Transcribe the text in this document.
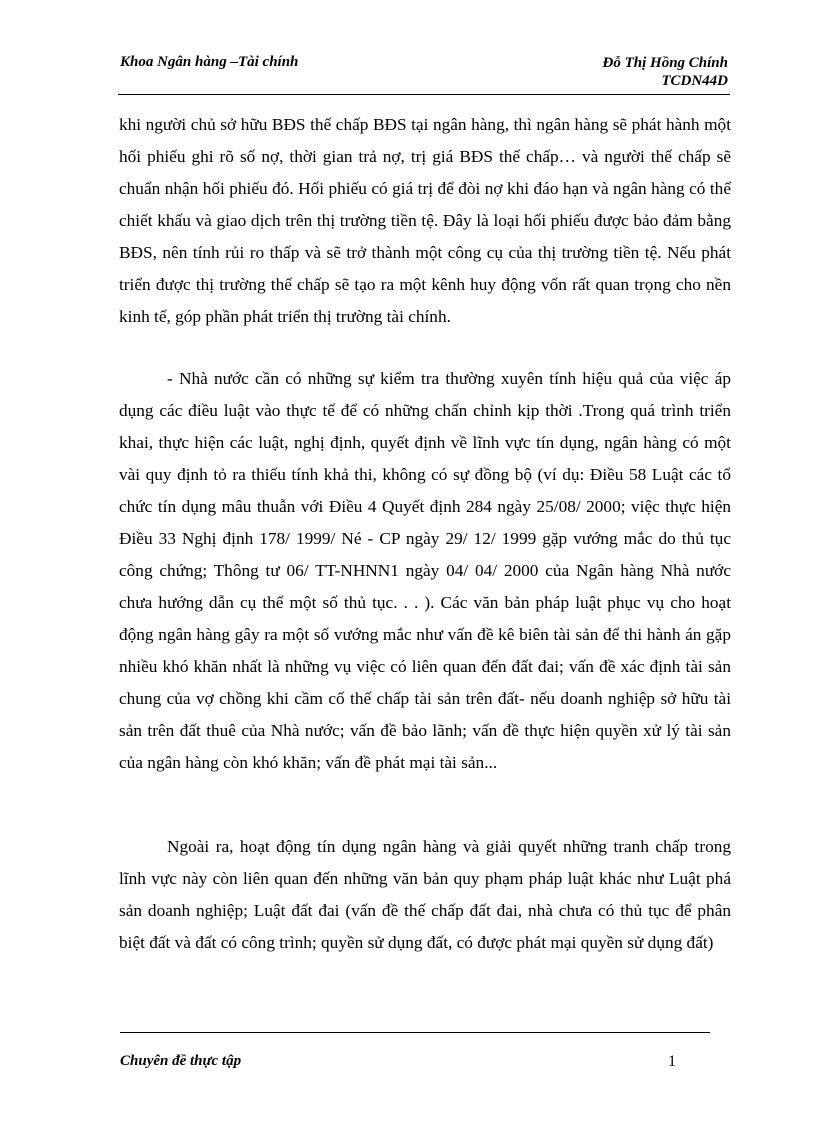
Khoa Ngân hàng –Tài chính	Đỗ Thị Hồng Chính
TCDN44D
khi người chủ sở hữu BĐS thế chấp BĐS tại ngân hàng, thì ngân hàng sẽ phát hành một hối phiếu ghi rõ số nợ, thời gian trả nợ, trị giá BĐS thế chấp… và người thế chấp sẽ chuẩn nhận hối phiếu đó. Hối phiếu có giá trị để đòi nợ khi đáo hạn và ngân hàng có thể chiết khấu và giao dịch trên thị trường tiền tệ. Đây là loại hối phiếu được bảo đảm bằng BĐS, nên tính rủi ro thấp và sẽ trở thành một công cụ của thị trường tiền tệ. Nếu phát triển được thị trường thế chấp sẽ tạo ra một kênh huy động vốn rất quan trọng cho nền kinh tế, góp phần phát triển thị trường tài chính.
- Nhà nước cần có những sự kiểm tra thường xuyên tính hiệu quả của việc áp dụng các điều luật vào thực tế để có những chấn chỉnh kịp thời .Trong quá trình triển khai, thực hiện các luật, nghị định, quyết định về lĩnh vực tín dụng, ngân hàng có một vài quy định tỏ ra thiếu tính khả thi, không có sự đồng bộ (ví dụ: Điều 58 Luật các tổ chức tín dụng mâu thuẫn với Điều 4 Quyết định 284 ngày 25/08/ 2000; việc thực hiện Điều 33 Nghị định 178/ 1999/ Né - CP ngày 29/ 12/ 1999 gặp vướng mắc do thủ tục công chứng; Thông tư 06/ TT-NHNN1 ngày 04/ 04/ 2000 của Ngân hàng Nhà nước chưa hướng dẫn cụ thể một số thủ tục. . . ). Các văn bản pháp luật phục vụ cho hoạt động ngân hàng gây ra một số vướng mắc như vấn đề kê biên tài sản để thi hành án gặp nhiều khó khăn nhất là những vụ việc có liên quan đến đất đai; vấn đề xác định tài sản chung của vợ chồng khi cầm cố thế chấp tài sản trên đất- nếu doanh nghiệp sở hữu tài sản trên đất thuê của Nhà nước; vấn đề bảo lãnh; vấn đề thực hiện quyền xử lý tài sản của ngân hàng còn khó khăn; vấn đề phát mại tài sản...
Ngoài ra, hoạt động tín dụng ngân hàng và giải quyết những tranh chấp trong lĩnh vực này còn liên quan đến những văn bản quy phạm pháp luật khác như Luật phá sản doanh nghiệp; Luật đất đai (vấn đề thế chấp đất đai, nhà chưa có thủ tục để phân biệt đất và đất có công trình; quyền sử dụng đất, có được phát mại quyền sử dụng đất)
Chuyên đề thực tập	1
